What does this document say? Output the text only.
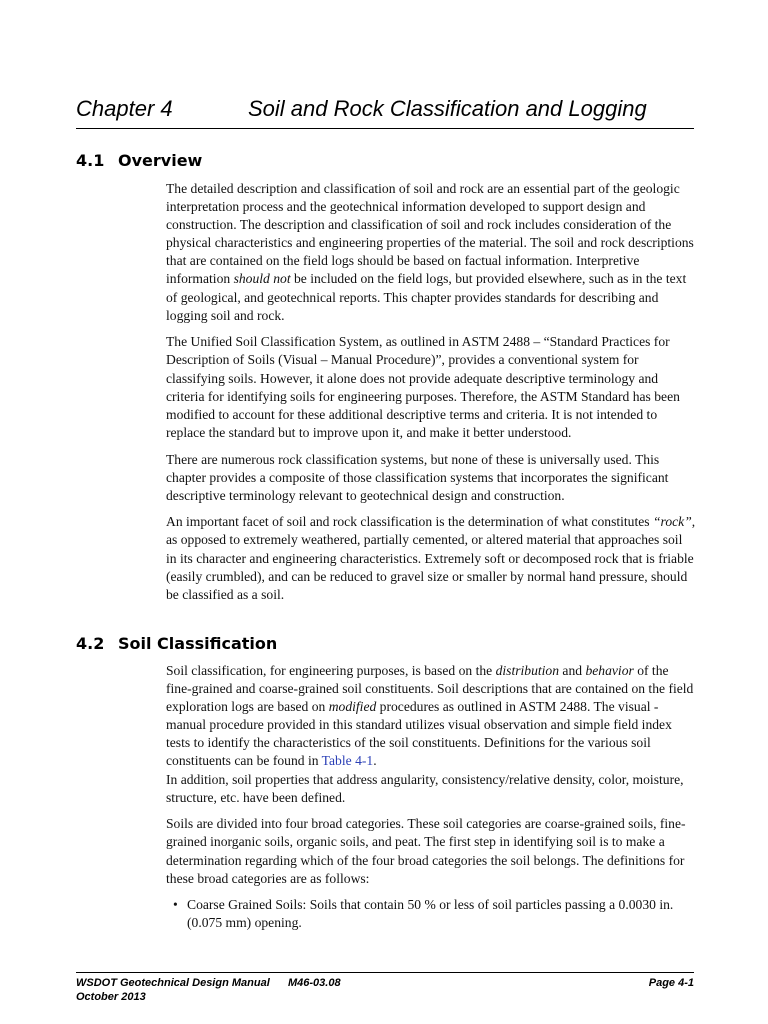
Chapter 4	Soil and Rock Classification and Logging
4.1 Overview

The detailed description and classification of soil and rock are an essential part of the geologic interpretation process and the geotechnical information developed to support design and construction. The description and classification of soil and rock includes consideration of the physical characteristics and engineering properties of the material. The soil and rock descriptions that are contained on the field logs should be based on factual information. Interpretive information should not be included on the field logs, but provided elsewhere, such as in the text of geological, and geotechnical reports. This chapter provides standards for describing and logging soil and rock.

The Unified Soil Classification System, as outlined in ASTM 2488 – “Standard Practices for Description of Soils (Visual – Manual Procedure)”, provides a conventional system for classifying soils. However, it alone does not provide adequate descriptive terminology and criteria for identifying soils for engineering purposes. Therefore, the ASTM Standard has been modified to account for these additional descriptive terms and criteria. It is not intended to replace the standard but to improve upon it, and make it better understood.

There are numerous rock classification systems, but none of these is universally used. This chapter provides a composite of those classification systems that incorporates the significant descriptive terminology relevant to geotechnical design and construction.

An important facet of soil and rock classification is the determination of what constitutes “rock”, as opposed to extremely weathered, partially cemented, or altered material that approaches soil in its character and engineering characteristics. Extremely soft or decomposed rock that is friable (easily crumbled), and can be reduced to gravel size or smaller by normal hand pressure, should be classified as a soil.

4.2 Soil Classification

Soil classification, for engineering purposes, is based on the distribution and behavior of the fine-grained and coarse-grained soil constituents. Soil descriptions that are contained on the field exploration logs are based on modified procedures as outlined in ASTM 2488. The visual - manual procedure provided in this standard utilizes visual observation and simple field index tests to identify the characteristics of the soil constituents. Definitions for the various soil constituents can be found in Table 4-1.
In addition, soil properties that address angularity, consistency/relative density, color, moisture, structure, etc. have been defined.

Soils are divided into four broad categories. These soil categories are coarse-grained soils, fine-grained inorganic soils, organic soils, and peat. The first step in identifying soil is to make a determination regarding which of the four broad categories the soil belongs. The definitions for these broad categories are as follows:

• Coarse Grained Soils: Soils that contain 50 % or less of soil particles passing a 0.0030 in. (0.075 mm) opening.
WSDOT Geotechnical Design Manual M46-03.08
October 2013
Page 4-1
